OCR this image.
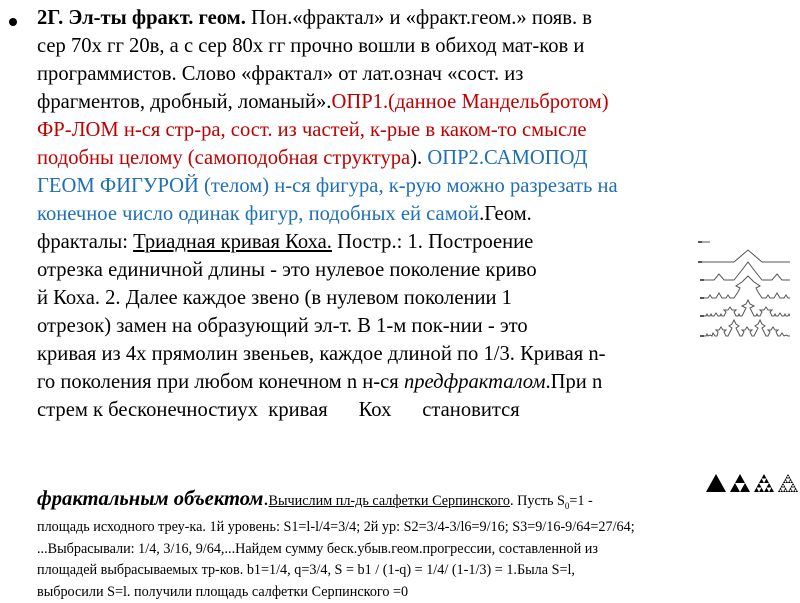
2Г. Эл-ты фракт. геом. Пон.«фрактал» и «фракт.геом.» появ. в
сер 70х гг 20в, а с сер 80х гг прочно вошли в обиход мат-ков и
программистов. Слово «фрактал» от лат.означ «сост. из
фрагментов, дробный, ломаный».ОПР1.(данное Мандельбротом)
ФР-ЛОМ н-ся стр-ра, сост. из частей, к-рые в каком-то смысле
подобны целому (самоподобная структура). ОПР2.САМОПОД
ГЕОМ ФИГУРОЙ (телом) н-ся фигура, к-рую можно разрезать на
конечное число одинак фигур, подобных ей самой.Геом.
фракталы: Триадная кривая Коха. Постр.: 1. Построение
отрезка единичной длины - это нулевое поколение криво
й Коха. 2. Далее каждое звено (в нулевом поколении 1
отрезок) замен на образующий эл-т. В 1-м пок-нии - это
кривая из 4х прямолин звеньев, каждое длиной по 1/3. Кривая n-
го поколения при любом конечном n н-ся предфракталом.При n
стрем к бесконечностиух  кривая      Кох      становится
фрактальным объектом.Вычислим пл-дь салфетки Серпинского. Пусть $S_0=1$ -
площадь исходного треу-ка. 1й уровень: S1=l-l/4=3/4; 2й ур: S2=3/4-3/l6=9/16; S3=9/16-9/64=27/64;
...Выбрасывали: 1/4, 3/16, 9/64,...Найдем сумму беск.убыв.геом.прогрессии, составленной из
площадей выбрасываемых тр-ков. b1=1/4, q=3/4, S = b1 / (1-q) = 1/4/ (1-1/3) = 1.Была S=l,
выбросили S=l. получили площадь салфетки Серпинского =0
